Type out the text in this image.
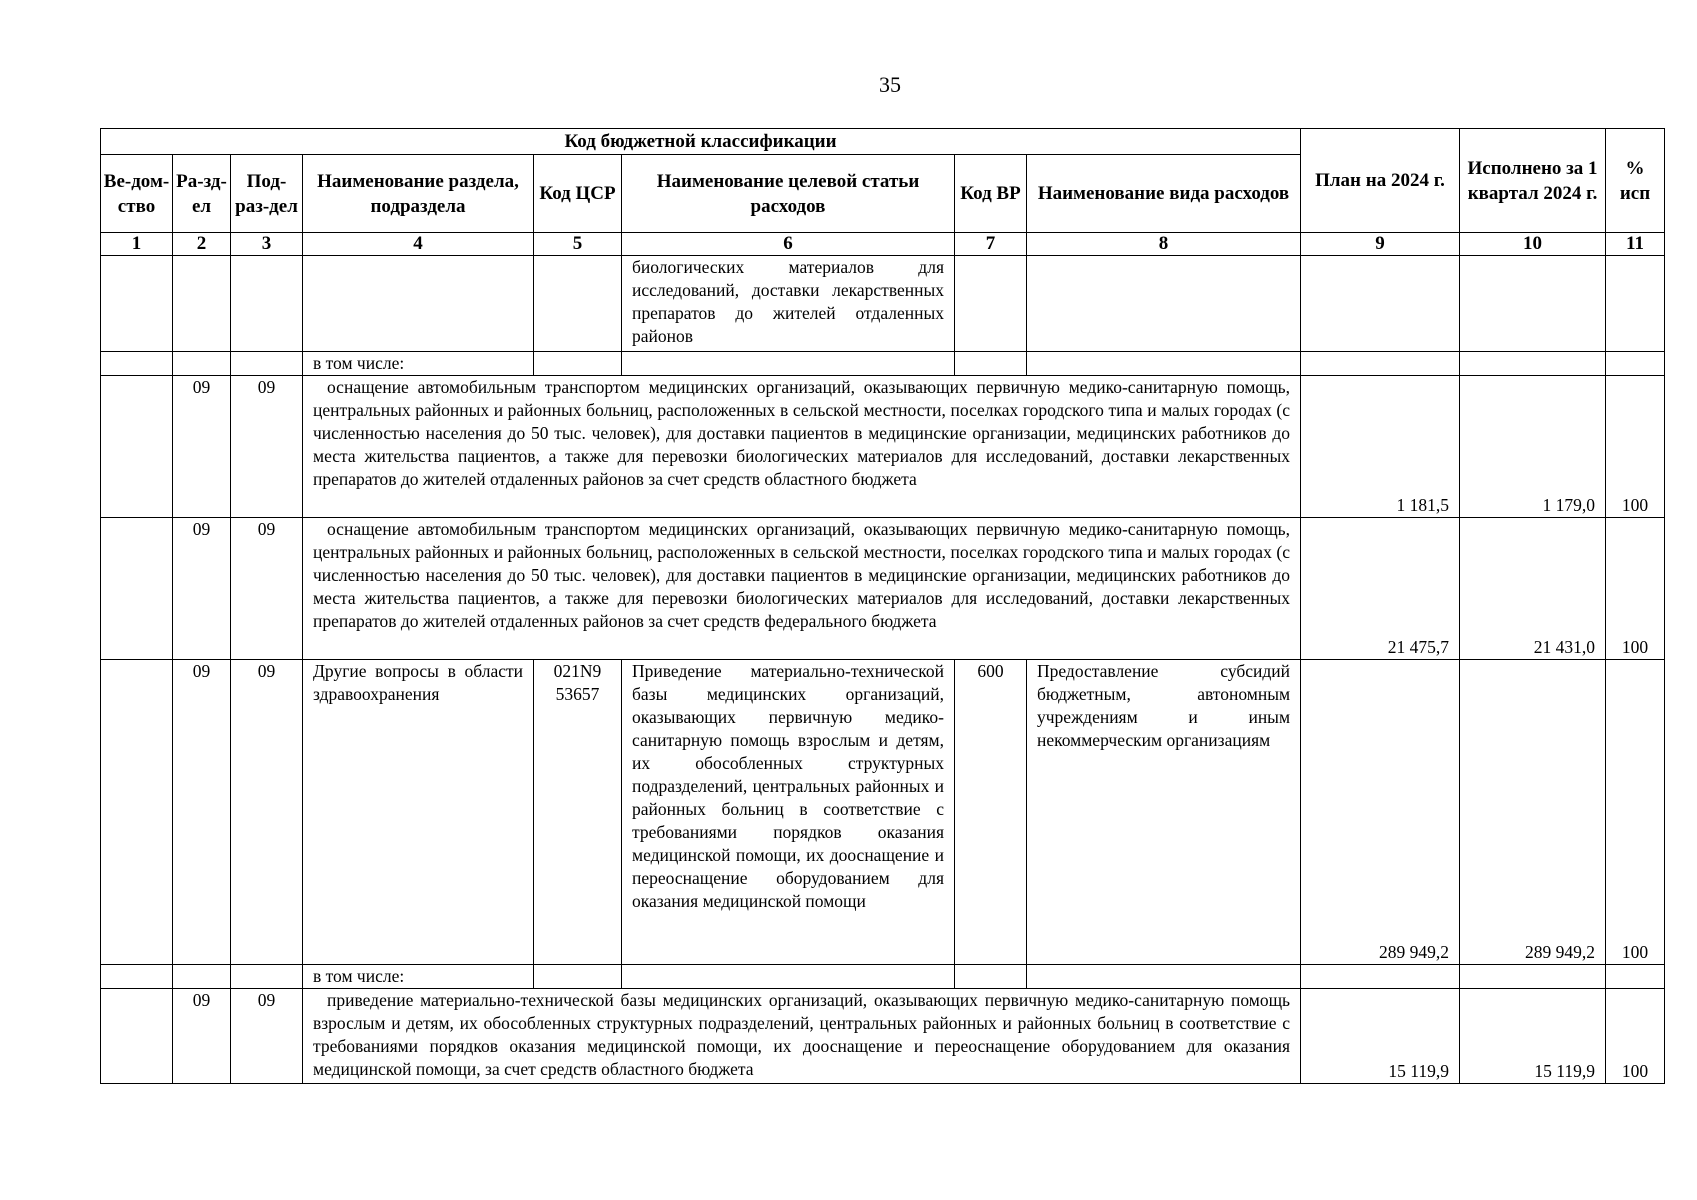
35
Код бюджетной классификации								План на 2024 г.	Исполнено за 1 квартал 2024 г.	% исп
Ве-дом-ство	Ра-зд-ел	Под-раз-дел	Наименование раздела, подраздела	Код ЦСР	Наименование целевой статьи расходов	Код ВР	Наименование вида расходов			
1	2	3	4	5	6	7	8	9	10	11
					биологических материалов для исследований, доставки лекарственных препаратов до жителей отдаленных районов					
			в том числе:							
	09	09	оснащение автомобильным транспортом медицинских организаций, оказывающих первичную медико-санитарную помощь, центральных районных и районных больниц, расположенных в сельской местности, поселках городского типа и малых городах (с численностью населения до 50 тыс. человек), для доставки пациентов в медицинские организации, медицинских работников до места жительства пациентов, а также для перевозки биологических материалов для исследований, доставки лекарственных препаратов до жителей отдаленных районов за счет средств областного бюджета					1 181,5	1 179,0	100
	09	09	оснащение автомобильным транспортом медицинских организаций, оказывающих первичную медико-санитарную помощь, центральных районных и районных больниц, расположенных в сельской местности, поселках городского типа и малых городах (с численностью населения до 50 тыс. человек), для доставки пациентов в медицинские организации, медицинских работников до места жительства пациентов, а также для перевозки биологических материалов для исследований, доставки лекарственных препаратов до жителей отдаленных районов за счет средств федерального бюджета					21 475,7	21 431,0	100
	09	09	Другие вопросы в области здравоохранения	021N9 53657	Приведение материально-технической базы медицинских организаций, оказывающих первичную медико-санитарную помощь взрослым и детям, их обособленных структурных подразделений, центральных районных и районных больниц в соответствие с требованиями порядков оказания медицинской помощи, их дооснащение и переоснащение оборудованием для оказания медицинской помощи	600	Предоставление субсидий бюджетным, автономным учреждениям и иным некоммерческим организациям	289 949,2	289 949,2	100
			в том числе:							
	09	09	приведение материально-технической базы медицинских организаций, оказывающих первичную медико-санитарную помощь взрослым и детям, их обособленных структурных подразделений, центральных районных и районных больниц в соответствие с требованиями порядков оказания медицинской помощи, их дооснащение и переоснащение оборудованием для оказания медицинской помощи, за счет средств областного бюджета					15 119,9	15 119,9	100
